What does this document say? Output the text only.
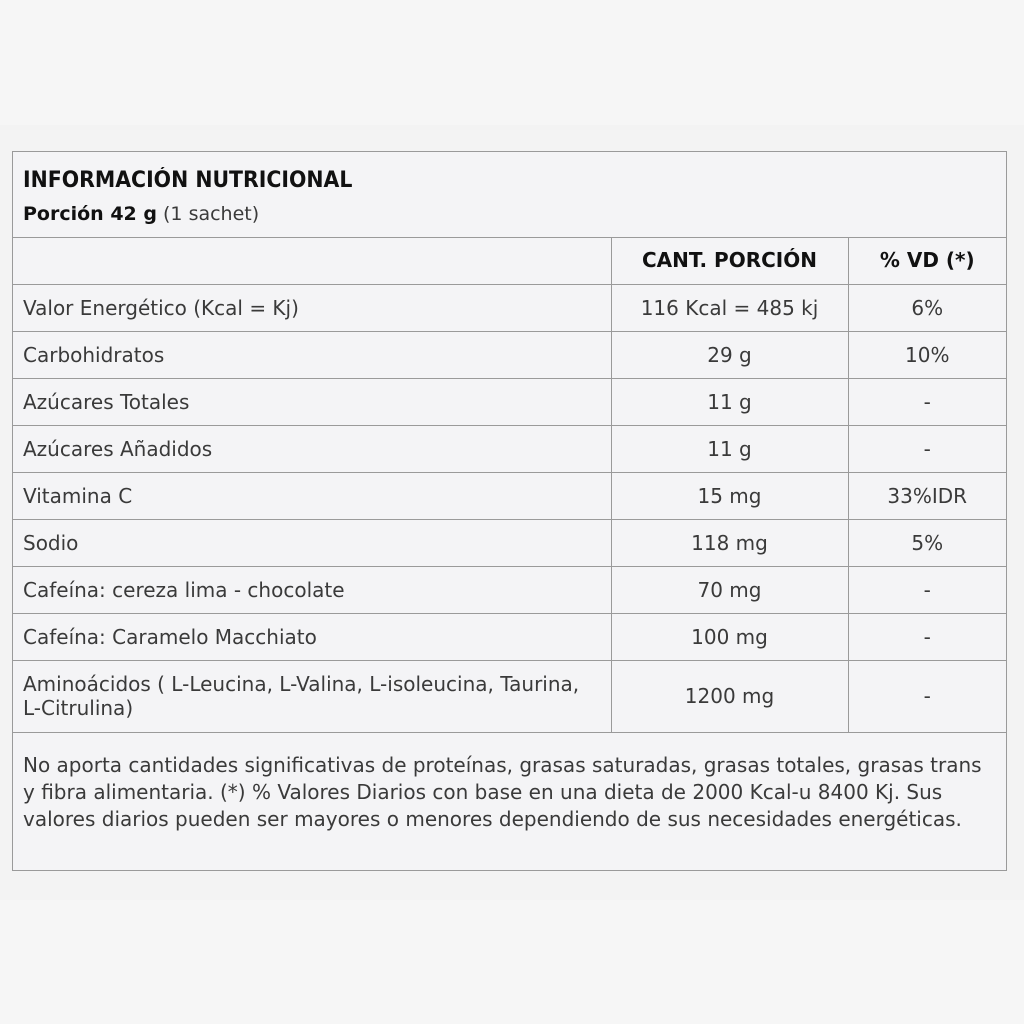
INFORMACIÓN NUTRICIONAL
Porción 42 g (1 sachet)
	CANT. PORCIÓN	% VD (*)
Valor Energético (Kcal = Kj)	116 Kcal = 485 kj	6%
Carbohidratos	29 g	10%
Azúcares Totales	11 g	-
Azúcares Añadidos	11 g	-
Vitamina C	15 mg	33%IDR
Sodio	118 mg	5%
Cafeína: cereza lima - chocolate	70 mg	-
Cafeína: Caramelo Macchiato	100 mg	-
Aminoácidos ( L-Leucina, L-Valina, L-isoleucina, Taurina, L-Citrulina)	1200 mg	-
No aporta cantidades significativas de proteínas, grasas saturadas, grasas totales, grasas trans y fibra alimentaria. (*) % Valores Diarios con base en una dieta de 2000 Kcal-u 8400 Kj. Sus valores diarios pueden ser mayores o menores dependiendo de sus necesidades energéticas.
